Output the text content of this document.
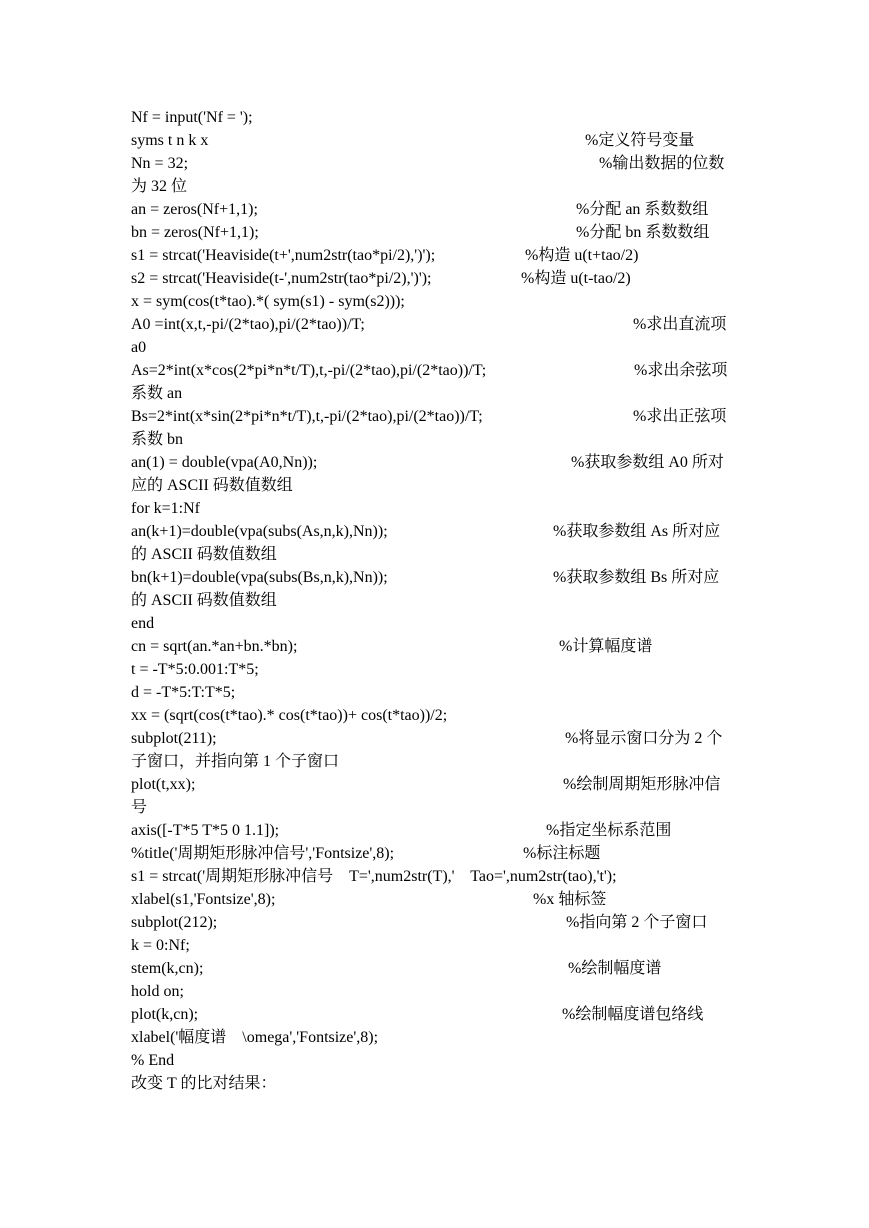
Nf = input('Nf = ');
syms t n k x	%定义符号变量
Nn = 32;	%输出数据的位数
为 32 位
an = zeros(Nf+1,1);	%分配 an 系数数组
bn = zeros(Nf+1,1);	%分配 bn 系数数组
s1 = strcat('Heaviside(t+',num2str(tao*pi/2),')');	%构造 u(t+tao/2)
s2 = strcat('Heaviside(t-',num2str(tao*pi/2),')');	%构造 u(t-tao/2)
x = sym(cos(t*tao).*( sym(s1) - sym(s2)));
A0 =int(x,t,-pi/(2*tao),pi/(2*tao))/T;	%求出直流项
a0
As=2*int(x*cos(2*pi*n*t/T),t,-pi/(2*tao),pi/(2*tao))/T;	%求出余弦项
系数 an
Bs=2*int(x*sin(2*pi*n*t/T),t,-pi/(2*tao),pi/(2*tao))/T;	%求出正弦项
系数 bn
an(1) = double(vpa(A0,Nn));	%获取参数组 A0 所对
应的 ASCII 码数值数组
for k=1:Nf
an(k+1)=double(vpa(subs(As,n,k),Nn));	%获取参数组 As 所对应
的 ASCII 码数值数组
bn(k+1)=double(vpa(subs(Bs,n,k),Nn));	%获取参数组 Bs 所对应
的 ASCII 码数值数组
end
cn = sqrt(an.*an+bn.*bn);	%计算幅度谱
t = -T*5:0.001:T*5;
d = -T*5:T:T*5;
xx = (sqrt(cos(t*tao).* cos(t*tao))+ cos(t*tao))/2;
subplot(211);	%将显示窗口分为 2 个
子窗口，并指向第 1 个子窗口
plot(t,xx);	%绘制周期矩形脉冲信
号
axis([-T*5 T*5 0 1.1]);	%指定坐标系范围
%title('周期矩形脉冲信号','Fontsize',8);	%标注标题
s1 = strcat('周期矩形脉冲信号    T=',num2str(T),'    Tao=',num2str(tao),'t');
xlabel(s1,'Fontsize',8);	%x 轴标签
subplot(212);	%指向第 2 个子窗口
k = 0:Nf;
stem(k,cn);	%绘制幅度谱
hold on;
plot(k,cn);	%绘制幅度谱包络线
xlabel('幅度谱    \omega','Fontsize',8);
% End
改变 T 的比对结果：
